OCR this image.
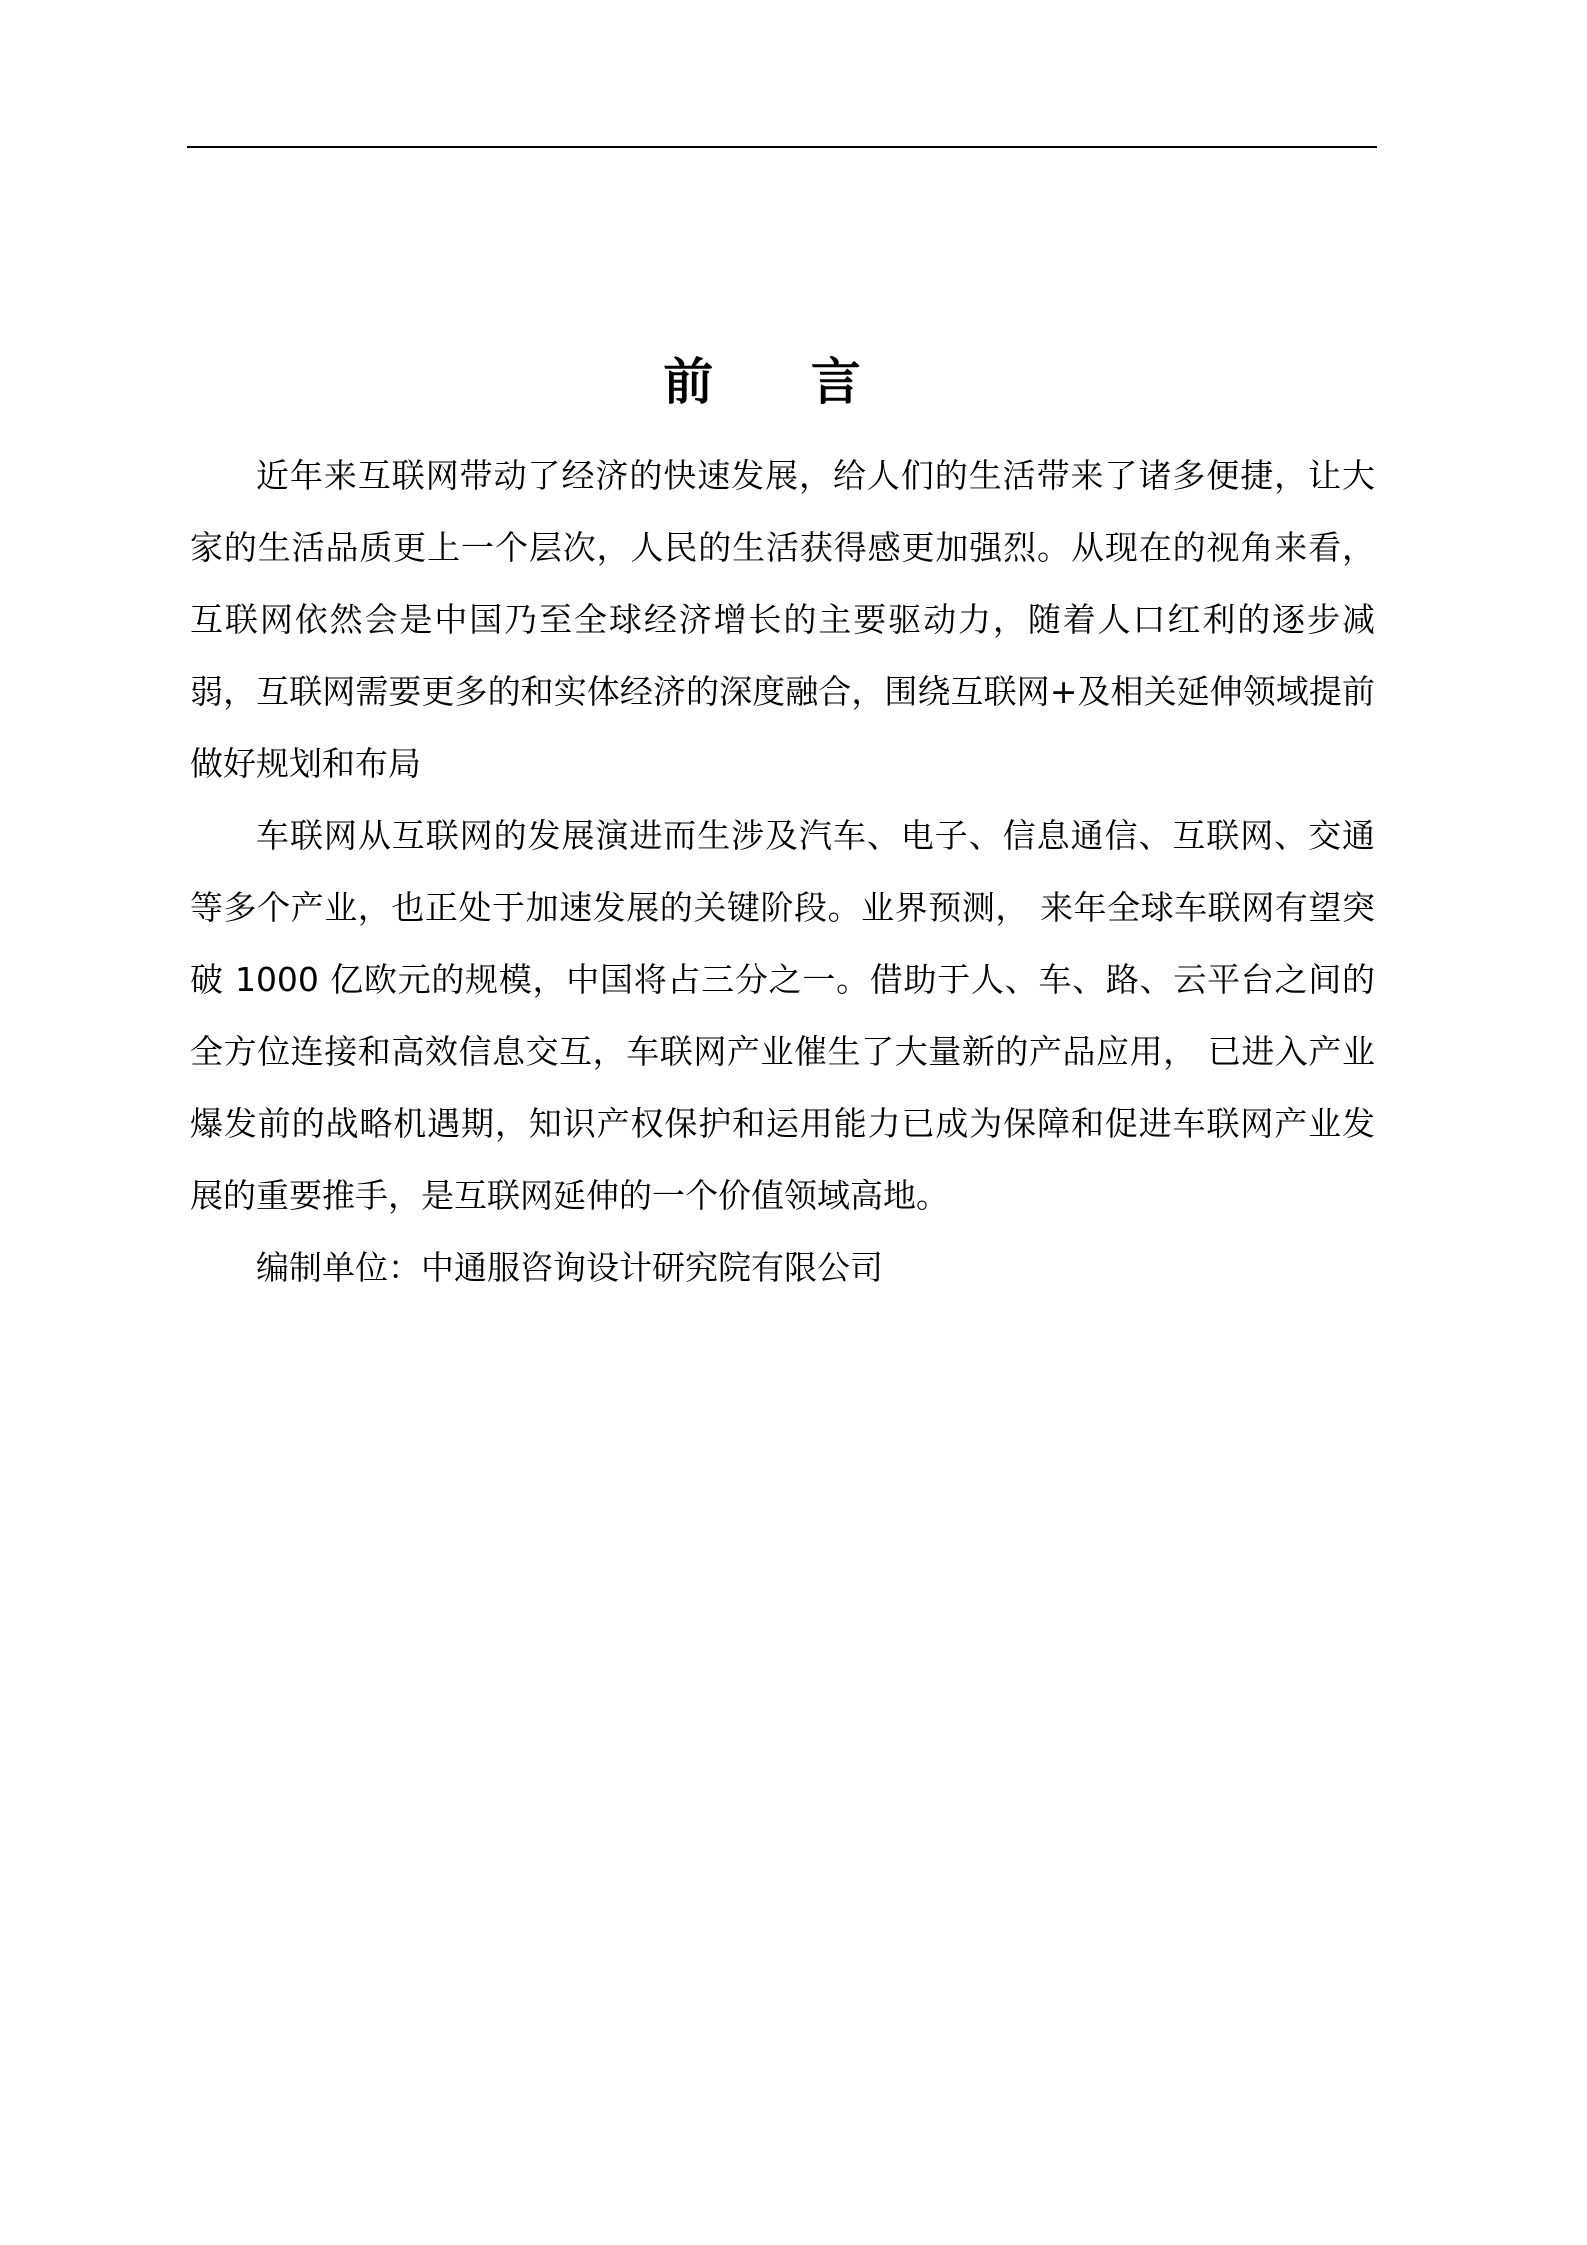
前 言

近年来互联网带动了经济的快速发展，给人们的生活带来了诸多便捷，让大家的生活品质更上一个层次，人民的生活获得感更加强烈。从现在的视角来看，互联网依然会是中国乃至全球经济增长的主要驱动力，随着人口红利的逐步减弱，互联网需要更多的和实体经济的深度融合，围绕互联网+及相关延伸领域提前做好规划和布局

车联网从互联网的发展演进而生涉及汽车、电子、信息通信、互联网、交通等多个产业，也正处于加速发展的关键阶段。业界预测， 来年全球车联网有望突破 1000 亿欧元的规模，中国将占三分之一。借助于人、车、路、云平台之间的全方位连接和高效信息交互，车联网产业催生了大量新的产品应用， 已进入产业爆发前的战略机遇期，知识产权保护和运用能力已成为保障和促进车联网产业发展的重要推手，是互联网延伸的一个价值领域高地。

编制单位：中通服咨询设计研究院有限公司
